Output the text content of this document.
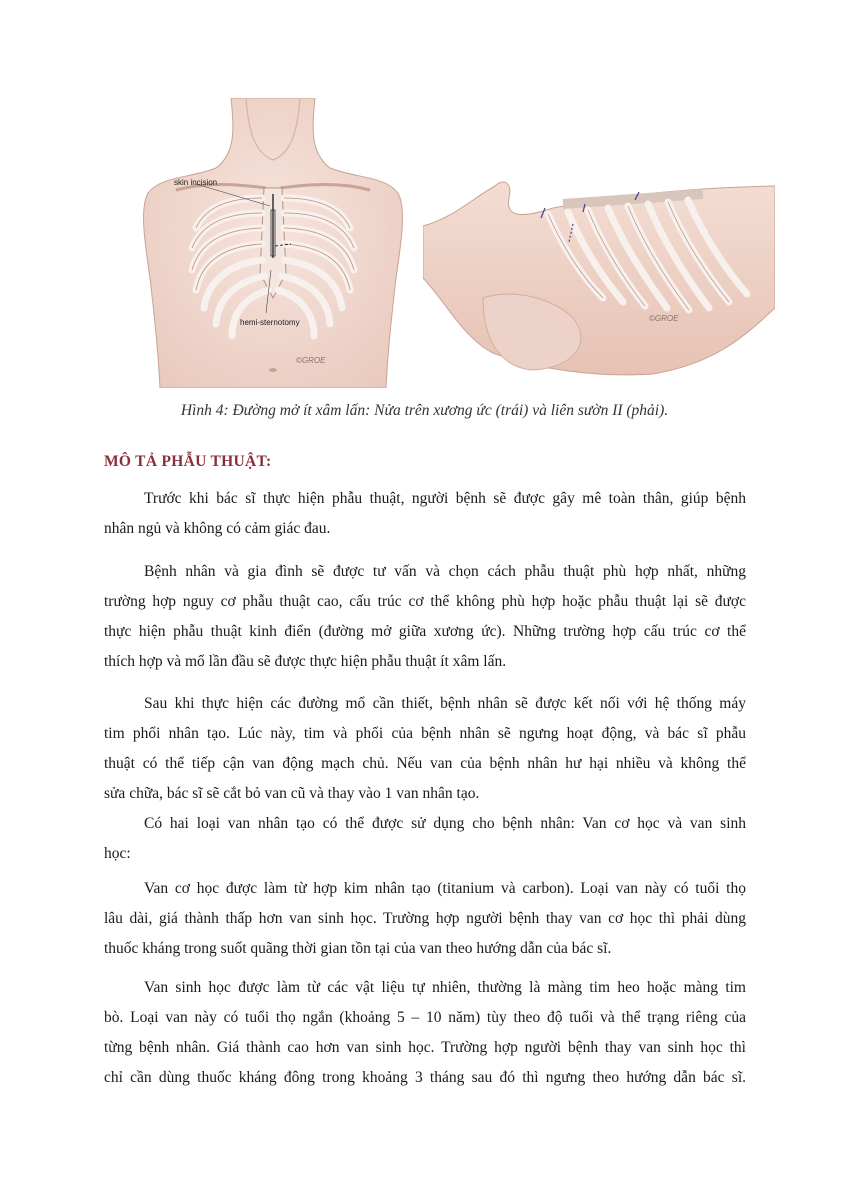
skin incision
hemi-sternotomy
©GROE
©GROE
Hình 4: Đường mở ít xâm lấn: Nửa trên xương ức (trái) và liên sườn II (phải).
MÔ TẢ PHẪU THUẬT:
Trước khi bác sĩ thực hiện phẫu thuật, người bệnh sẽ được gây mê toàn thân, giúp bệnh
nhân ngủ và không có cảm giác đau.
Bệnh nhân và gia đình sẽ được tư vấn và chọn cách phẫu thuật phù hợp nhất, những
trường hợp nguy cơ phẫu thuật cao, cấu trúc cơ thể không phù hợp hoặc phẫu thuật lại sẽ được
thực hiện phẫu thuật kinh điển (đường mở giữa xương ức). Những trường hợp cấu trúc cơ thể
thích hợp và mổ lần đầu sẽ được thực hiện phẫu thuật ít xâm lấn.
Sau khi thực hiện các đường mổ cần thiết, bệnh nhân sẽ được kết nối với hệ thống máy
tim phổi nhân tạo. Lúc này, tim và phổi của bệnh nhân sẽ ngưng hoạt động, và bác sĩ phẫu
thuật có thể tiếp cận van động mạch chủ. Nếu van của bệnh nhân hư hại nhiều và không thể
sửa chữa, bác sĩ sẽ cắt bỏ van cũ và thay vào 1 van nhân tạo.
Có hai loại van nhân tạo có thể được sử dụng cho bệnh nhân: Van cơ học và van sinh
học:
Van cơ học được làm từ hợp kim nhân tạo (titanium và carbon). Loại van này có tuổi thọ
lâu dài, giá thành thấp hơn van sinh học. Trường hợp người bệnh thay van cơ học thì phải dùng
thuốc kháng trong suốt quãng thời gian tồn tại của van theo hướng dẫn của bác sĩ.
Van sinh học được làm từ các vật liệu tự nhiên, thường là màng tim heo hoặc màng tim
bò. Loại van này có tuổi thọ ngắn (khoảng 5 – 10 năm) tùy theo độ tuổi và thể trạng riêng của
từng bệnh nhân. Giá thành cao hơn van sinh học. Trường hợp người bệnh thay van sinh học thì
chỉ cần dùng thuốc kháng đông trong khoảng 3 tháng sau đó thì ngưng theo hướng dẫn bác sĩ.
